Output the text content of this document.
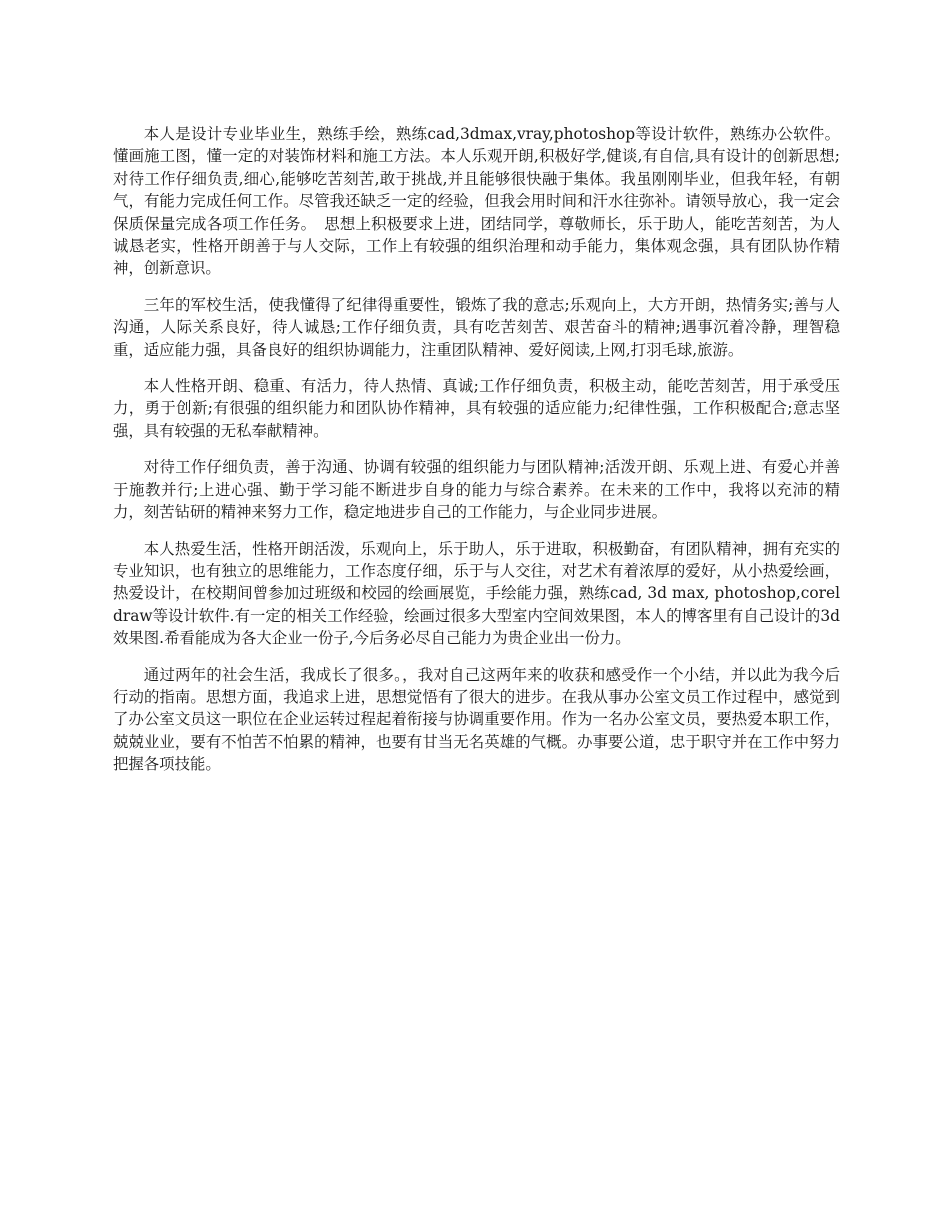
本人是设计专业毕业生，熟练手绘，熟练cad,3dmax,vray,photoshop等设计软件，熟练办公软件。懂画施工图，懂一定的对装饰材料和施工方法。本人乐观开朗,积极好学,健谈,有自信,具有设计的创新思想;对待工作仔细负责,细心,能够吃苦刻苦,敢于挑战,并且能够很快融于集体。我虽刚刚毕业，但我年轻，有朝气，有能力完成任何工作。尽管我还缺乏一定的经验，但我会用时间和汗水往弥补。请领导放心，我一定会保质保量完成各项工作任务。　思想上积极要求上进，团结同学，尊敬师长，乐于助人，能吃苦刻苦，为人诚恳老实，性格开朗善于与人交际，工作上有较强的组织治理和动手能力，集体观念强，具有团队协作精神，创新意识。

三年的军校生活，使我懂得了纪律得重要性，锻炼了我的意志;乐观向上，大方开朗，热情务实;善与人沟通，人际关系良好，待人诚恳;工作仔细负责，具有吃苦刻苦、艰苦奋斗的精神;遇事沉着冷静，理智稳重，适应能力强，具备良好的组织协调能力，注重团队精神、爱好阅读,上网,打羽毛球,旅游。

本人性格开朗、稳重、有活力，待人热情、真诚;工作仔细负责，积极主动，能吃苦刻苦，用于承受压力，勇于创新;有很强的组织能力和团队协作精神，具有较强的适应能力;纪律性强，工作积极配合;意志坚强，具有较强的无私奉献精神。

对待工作仔细负责，善于沟通、协调有较强的组织能力与团队精神;活泼开朗、乐观上进、有爱心并善于施教并行;上进心强、勤于学习能不断进步自身的能力与综合素养。在未来的工作中，我将以充沛的精力，刻苦钻研的精神来努力工作，稳定地进步自己的工作能力，与企业同步进展。

本人热爱生活，性格开朗活泼，乐观向上，乐于助人，乐于进取，积极勤奋，有团队精神，拥有充实的专业知识，也有独立的思维能力，工作态度仔细，乐于与人交往，对艺术有着浓厚的爱好，从小热爱绘画，热爱设计，在校期间曾参加过班级和校园的绘画展览，手绘能力强，熟练cad, 3d max, photoshop,coreldraw等设计软件.有一定的相关工作经验，绘画过很多大型室内空间效果图，本人的博客里有自己设计的3d效果图.希看能成为各大企业一份子,今后务必尽自己能力为贵企业出一份力。

通过两年的社会生活，我成长了很多。，我对自己这两年来的收获和感受作一个小结，并以此为我今后行动的指南。思想方面，我追求上进，思想觉悟有了很大的进步。在我从事办公室文员工作过程中，感觉到了办公室文员这一职位在企业运转过程起着衔接与协调重要作用。作为一名办公室文员，要热爱本职工作，兢兢业业，要有不怕苦不怕累的精神，也要有甘当无名英雄的气概。办事要公道，忠于职守并在工作中努力把握各项技能。
